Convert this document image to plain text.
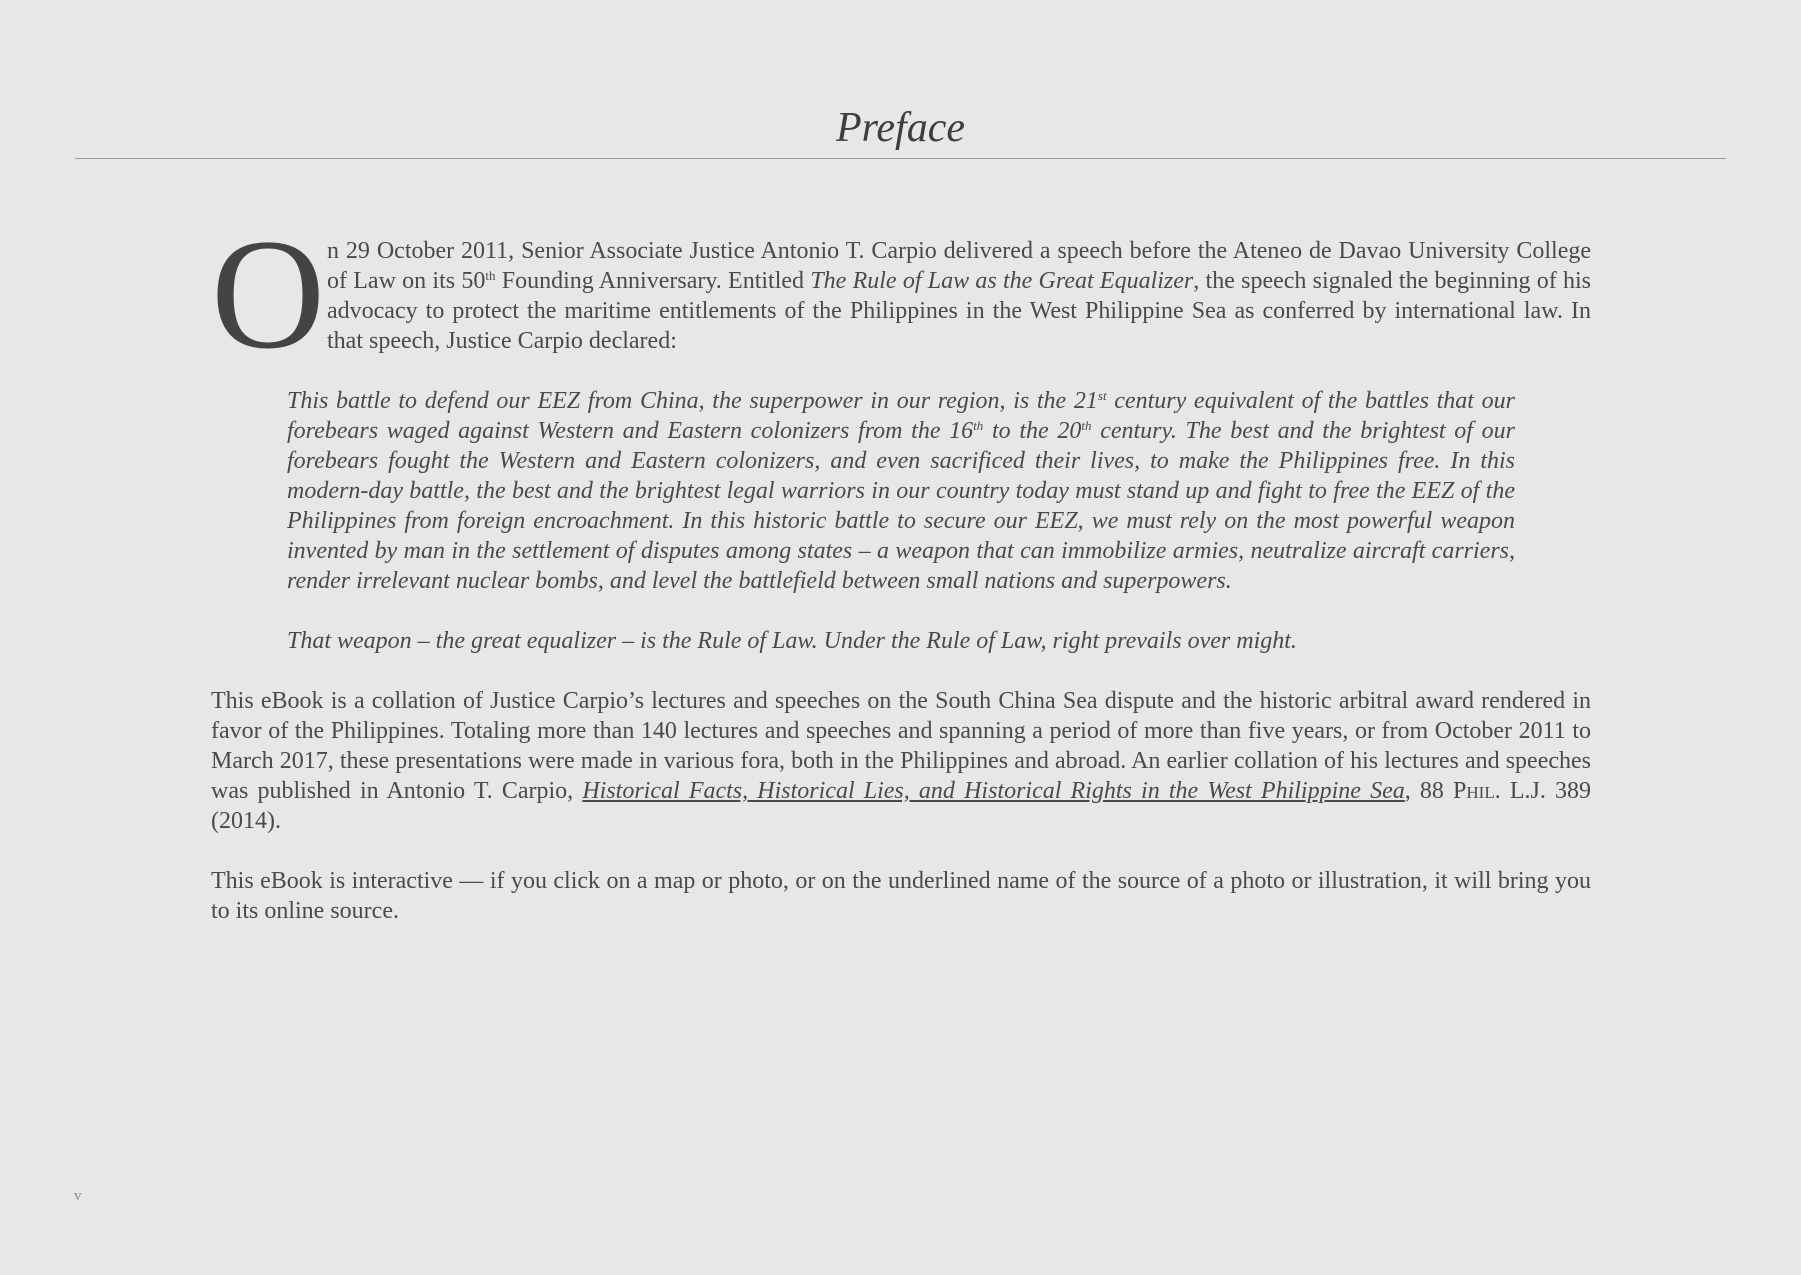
Preface
O n 29 October 2011, Senior Associate Justice Antonio T. Carpio delivered a speech before the Ateneo de Davao University College of Law on its 50th Founding Anniversary. Entitled The Rule of Law as the Great Equalizer, the speech signaled the beginning of his advocacy to protect the maritime entitlements of the Philippines in the West Philippine Sea as conferred by international law. In that speech, Justice Carpio declared:

This battle to defend our EEZ from China, the superpower in our region, is the 21st century equivalent of the battles that our forebears waged against Western and Eastern colonizers from the 16th to the 20th century. The best and the brightest of our forebears fought the Western and Eastern colonizers, and even sacrificed their lives, to make the Philippines free. In this modern-day battle, the best and the brightest legal warriors in our country today must stand up and fight to free the EEZ of the Philippines from foreign encroachment. In this historic battle to secure our EEZ, we must rely on the most powerful weapon invented by man in the settlement of disputes among states – a weapon that can immobilize armies, neutralize aircraft carriers, render irrelevant nuclear bombs, and level the battlefield between small nations and superpowers.

That weapon – the great equalizer – is the Rule of Law. Under the Rule of Law, right prevails over might.

This eBook is a collation of Justice Carpio’s lectures and speeches on the South China Sea dispute and the historic arbitral award rendered in favor of the Philippines. Totaling more than 140 lectures and speeches and spanning a period of more than five years, or from October 2011 to March 2017, these presentations were made in various fora, both in the Philippines and abroad. An earlier collation of his lectures and speeches was published in Antonio T. Carpio, Historical Facts, Historical Lies, and Historical Rights in the West Philippine Sea, 88 Phil. L.J. 389 (2014).

This eBook is interactive — if you click on a map or photo, or on the underlined name of the source of a photo or illustration, it will bring you to its online source.

v
